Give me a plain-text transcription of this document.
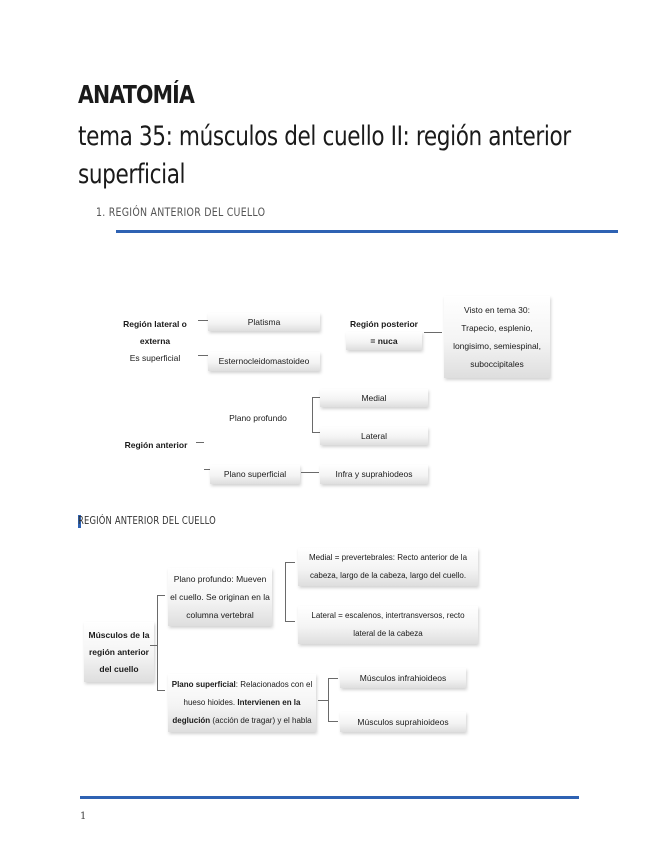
ANATOMÍA
tema 35: músculos del cuello II: región anterior superficial
1. REGIÓN ANTERIOR DEL CUELLO
Región lateral o
externa
Es superficial
Platisma
Esternocleidomastoideo
Región posterior
= nuca
Visto en tema 30:
Trapecio, esplenio,
longisimo, semiespinal,
suboccipitales
Región anterior
Plano profundo
Medial
Lateral
Plano superficial	Infra y suprahiodeos
REGIÓN ANTERIOR DEL CUELLO
Músculos de la
región anterior
del cuello
Plano profundo: Mueven
el cuello. Se originan en la
columna vertebral
Medial = prevertebrales: Recto anterior de la
cabeza, largo de la cabeza, largo del cuello.
Lateral = escalenos, intertransversos, recto
lateral de la cabeza
Plano superficial: Relacionados con el
hueso hioides. Intervienen en la
deglución (acción de tragar) y el habla
Músculos infrahioideos
Músculos suprahioideos
1
